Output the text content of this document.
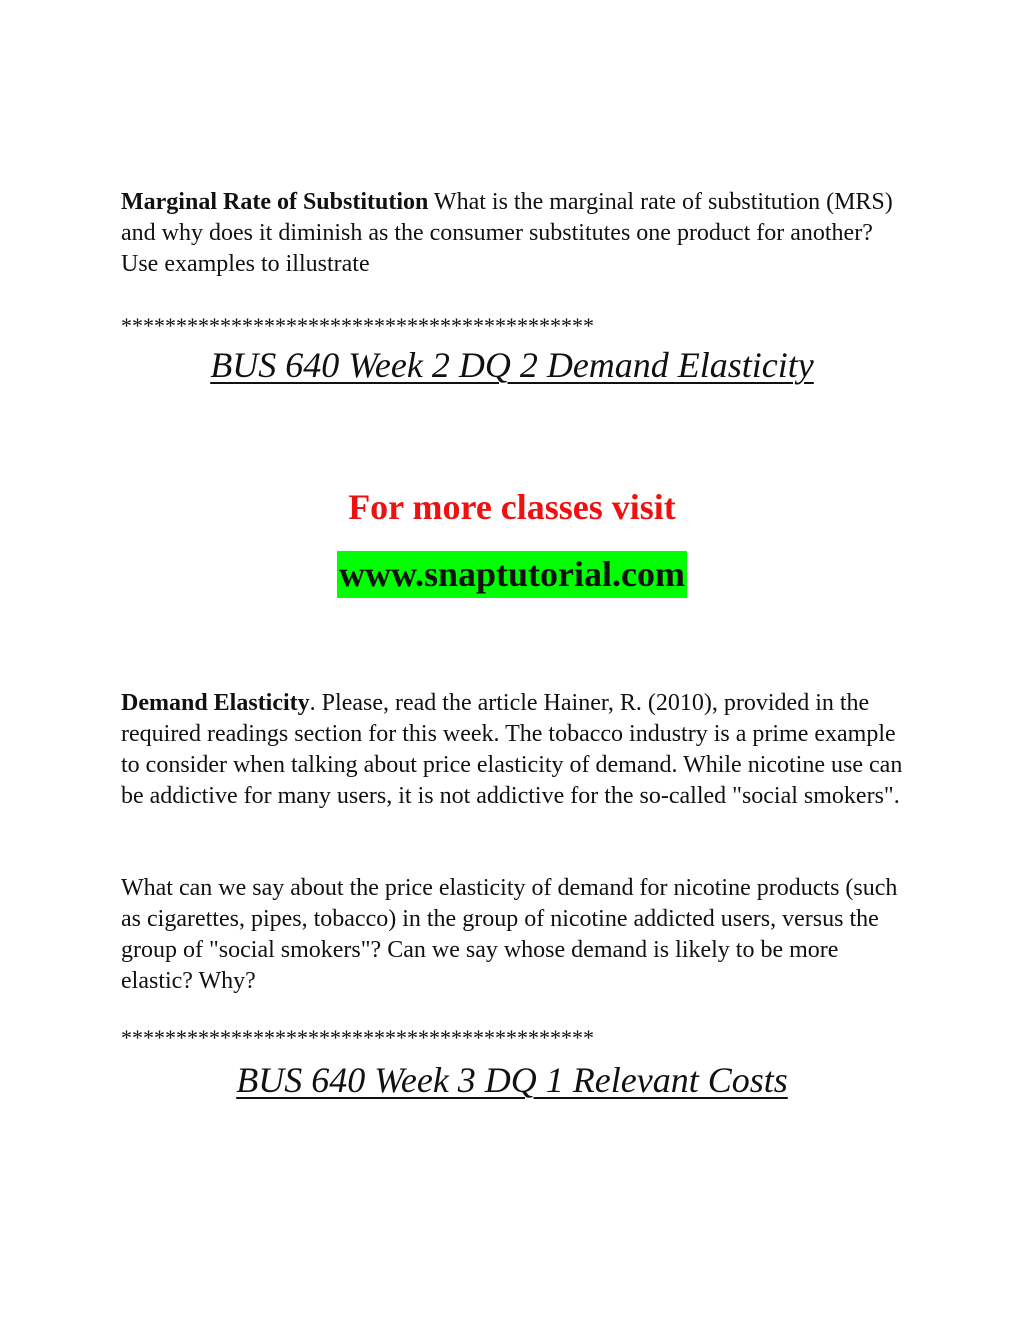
Marginal Rate of Substitution What is the marginal rate of substitution (MRS) and why does it diminish as the consumer substitutes one product for another? Use examples to illustrate

*******************************************
BUS 640 Week 2 DQ 2 Demand Elasticity
For more classes visit
www.snaptutorial.com

Demand Elasticity. Please, read the article Hainer, R. (2010), provided in the required readings section for this week. The tobacco industry is a prime example to consider when talking about price elasticity of demand. While nicotine use can be addictive for many users, it is not addictive for the so-called "social smokers".

What can we say about the price elasticity of demand for nicotine products (such as cigarettes, pipes, tobacco) in the group of nicotine addicted users, versus the group of "social smokers"? Can we say whose demand is likely to be more elastic? Why?

*******************************************
BUS 640 Week 3 DQ 1 Relevant Costs
